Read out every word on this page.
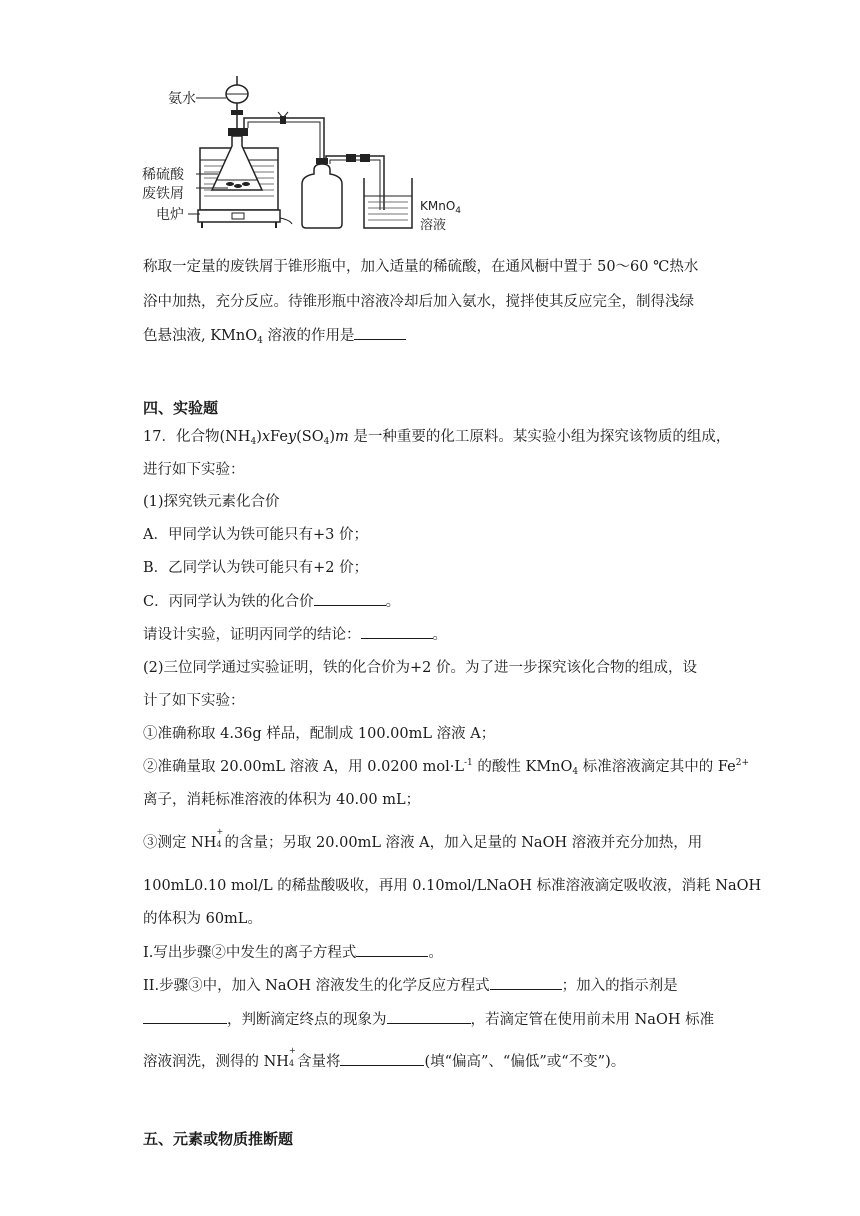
氨水
稀硫酸
废铁屑
电炉
KMnO$_4$
溶液
称取一定量的废铁屑于锥形瓶中，加入适量的稀硫酸，在通风橱中置于 50～60 ℃热水
浴中加热，充分反应。待锥形瓶中溶液冷却后加入氨水，搅拌使其反应完全，制得浅绿
色悬浊液, KMnO$_4$ 溶液的作用是
四、实验题
17．化合物$(NH_4)xFey(SO_4)m$ 是一种重要的化工原料。某实验小组为探究该物质的组成，
进行如下实验：
(1)探究铁元素化合价
A．甲同学认为铁可能只有+3 价；
B．乙同学认为铁可能只有+2 价；
C．丙同学认为铁的化合价	。
请设计实验，证明丙同学的结论：	。
(2)三位同学通过实验证明，铁的化合价为+2 价。为了进一步探究该化合物的组成，设
计了如下实验：
①准确称取 4.36g 样品，配制成 100.00mL 溶液 A；
②准确量取 20.00mL 溶液 A，用 0.0200 $mol\cdot L^{-1}$ 的酸性 KMnO$_4$ 标准溶液滴定其中的 $Fe^{2+}$
离子，消耗标准溶液的体积为 40.00 mL；
③测定 NH
+
4 的含量；另取 20.00mL 溶液 A，加入足量的 NaOH 溶液并充分加热，用
100mL0.10 mol/L 的稀盐酸吸收，再用 0.10mol/LNaOH 标准溶液滴定吸收液，消耗 NaOH
的体积为 60mL。
I.写出步骤②中发生的离子方程式	。
II.步骤③中，加入 NaOH 溶液发生的化学反应方程式	；加入的指示剂是
，判断滴定终点的现象为	，若滴定管在使用前未用 NaOH 标准
溶液润洗，测得的 NH
+
4 含量将	(填“偏高”、“偏低”或“不变”)。
五、元素或物质推断题
